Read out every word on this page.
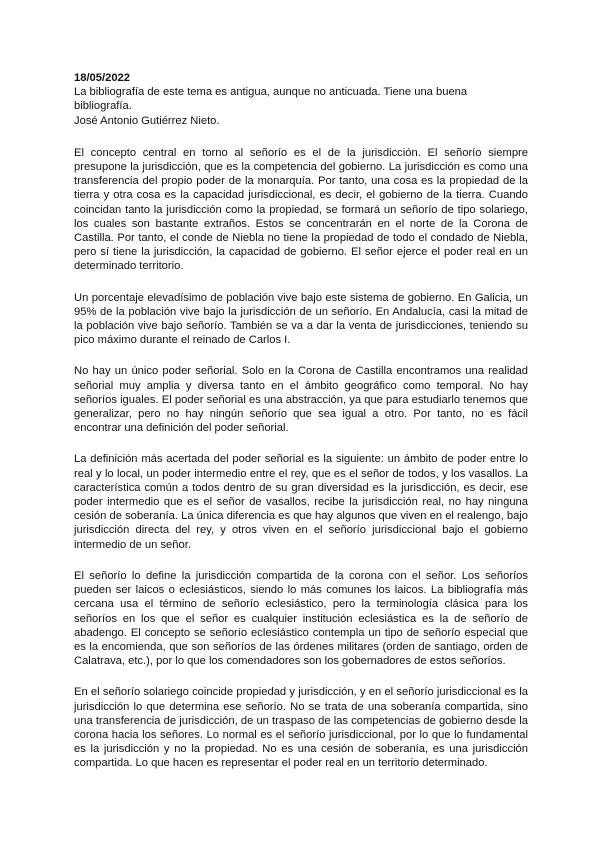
18/05/2022

La bibliografía de este tema es antigua, aunque no anticuada. Tiene una buena bibliografía.

José Antonio Gutiérrez Nieto.

El concepto central en torno al señorío es el de la jurisdicción. El señorío siempre presupone la jurisdicción, que es la competencia del gobierno. La jurisdicción es como una transferencia del propio poder de la monarquía. Por tanto, una cosa es la propiedad de la tierra y otra cosa es la capacidad jurisdiccional, es decir, el gobierno de la tierra. Cuando coincidan tanto la jurisdicción como la propiedad, se formará un señorío de tipo solariego, los cuales son bastante extraños. Estos se concentrarán en el norte de la Corona de Castilla. Por tanto, el conde de Niebla no tiene la propiedad de todo el condado de Niebla, pero sí tiene la jurisdicción, la capacidad de gobierno. El señor ejerce el poder real en un determinado territorio.

Un porcentaje elevadísimo de población vive bajo este sistema de gobierno. En Galicia, un 95% de la población vive bajo la jurisdicción de un señorío. En Andalucía, casi la mitad de la población vive bajo señorío. También se va a dar la venta de jurisdicciones, teniendo su pico máximo durante el reinado de Carlos I.

No hay un único poder señorial. Solo en la Corona de Castilla encontramos una realidad señorial muy amplia y diversa tanto en el ámbito geográfico como temporal. No hay señoríos iguales. El poder señorial es una abstracción, ya que para estudiarlo tenemos que generalizar, pero no hay ningún señorío que sea igual a otro. Por tanto, no es fácil encontrar una definición del poder señorial.

La definición más acertada del poder señorial es la siguiente: un ámbito de poder entre lo real y lo local, un poder intermedio entre el rey, que es el señor de todos, y los vasallos. La característica común a todos dentro de su gran diversidad es la jurisdicción, es decir, ese poder intermedio que es el señor de vasallos, recibe la jurisdicción real, no hay ninguna cesión de soberanía. La única diferencia es que hay algunos que viven en el realengo, bajo jurisdicción directa del rey, y otros viven en el señorío jurisdiccional bajo el gobierno intermedio de un señor.

El señorío lo define la jurisdicción compartida de la corona con el señor. Los señoríos pueden ser laicos o eclesiásticos, siendo lo más comunes los laicos. La bibliografía más cercana usa el término de señorío eclesiástico, pero la terminología clásica para los señoríos en los que el señor es cualquier institución eclesiástica es la de señorío de abadengo. El concepto se señorío eclesiástico contempla un tipo de señorío especial que es la encomienda, que son señoríos de las órdenes militares (orden de santiago, orden de Calatrava, etc.), por lo que los comendadores son los gobernadores de estos señoríos.

En el señorío solariego coincide propiedad y jurisdicción, y en el señorío jurisdiccional es la jurisdicción lo que determina ese señorío. No se trata de una soberanía compartida, sino una transferencia de jurisdicción, de un traspaso de las competencias de gobierno desde la corona hacia los señores. Lo normal es el señorío jurisdiccional, por lo que lo fundamental es la jurisdicción y no la propiedad. No es una cesión de soberanía, es una jurisdicción compartida. Lo que hacen es representar el poder real en un territorio determinado.
